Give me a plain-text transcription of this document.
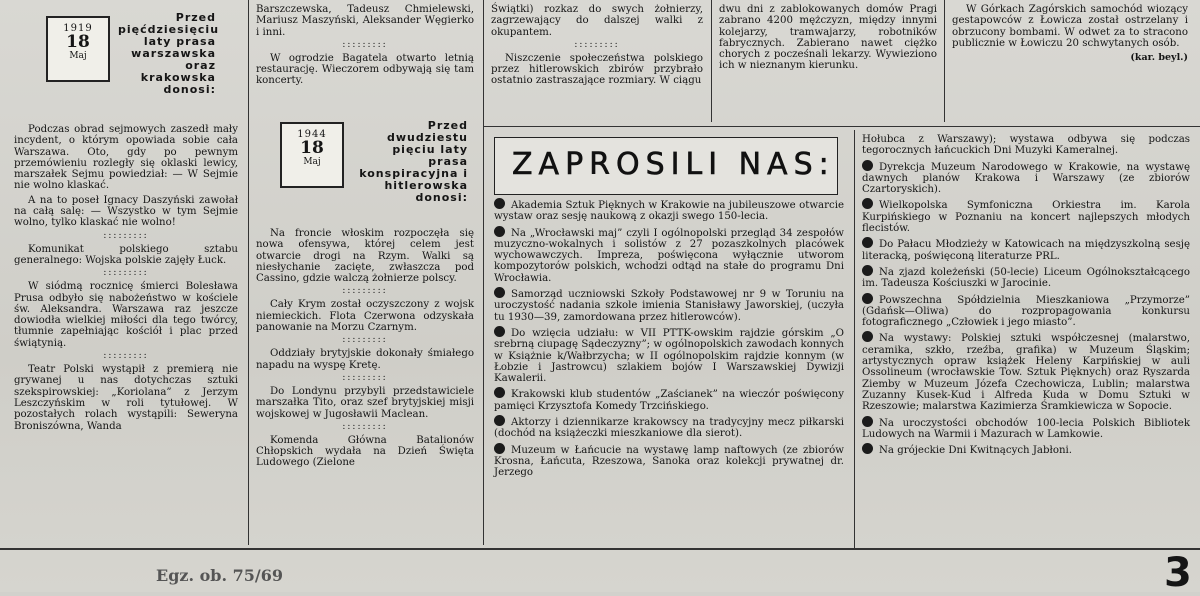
1919
18
Maj
Przed pięćdziesięciu laty prasa warszawska oraz krakowska donosi:

Podczas obrad sejmowych zaszedł mały incydent, o którym opowiada sobie cała Warszawa. Oto, gdy po pewnym przemówieniu rozległy się oklaski lewicy, marszałek Sejmu powiedział: — W Sejmie nie wolno klaskać.

A na to poseł Ignacy Daszyński zawołał na całą salę: — Wszystko w tym Sejmie wolno, tylko klaskać nie wolno!

:::::::::

Komunikat polskiego sztabu generalnego: Wojska polskie zajęły Łuck.

:::::::::

W siódmą rocznicę śmierci Bolesława Prusa odbyło się nabożeństwo w kościele św. Aleksandra. Warszawa raz jeszcze dowiodła wielkiej miłości dla tego twórcy, tłumnie zapełniając kościół i plac przed świątynią.

:::::::::

Teatr Polski wystąpił z premierą nie grywanej u nas dotychczas sztuki szekspirowskiej: „Koriolana” z Jerzym Leszczyńskim w roli tytułowej. W pozostałych rolach wystąpili: Seweryna Broniszówna, Wanda

Barszczewska, Tadeusz Chmielewski, Mariusz Maszyński, Aleksander Węgierko i inni.

:::::::::

W ogrodzie Bagatela otwarto letnią restaurację. Wieczorem odbywają się tam koncerty.

1944
18
Maj
Przed dwudziestu pięciu laty prasa konspiracyjna i hitlerowska donosi:

Na froncie włoskim rozpoczęła się nowa ofensywa, której celem jest otwarcie drogi na Rzym. Walki są niesłychanie zacięte, zwłaszcza pod Cassino, gdzie walczą żołnierze polscy.

:::::::::

Cały Krym został oczyszczony z wojsk niemieckich. Flota Czerwona odzyskała panowanie na Morzu Czarnym.

:::::::::

Oddziały brytyjskie dokonały śmiałego napadu na wyspę Kretę.

:::::::::

Do Londynu przybyli przedstawiciele marszałka Tito, oraz szef brytyjskiej misji wojskowej w Jugosławii Maclean.

:::::::::

Komenda Główna Batalionów Chłopskich wydała na Dzień Święta Ludowego (Zielone

Świątki) rozkaz do swych żołnierzy, zagrzewający do dalszej walki z okupantem.

:::::::::

Niszczenie społeczeństwa polskiego przez hitlerowskich zbirów przybrało ostatnio zastraszające rozmiary. W ciągu

dwu dni z zablokowanych domów Pragi zabrano 4200 mężczyzn, między innymi kolejarzy, tramwajarzy, robotników fabrycznych. Zabierano nawet ciężko chorych z pocześnali lekarzy. Wywieziono ich w nieznanym kierunku.

W Górkach Zagórskich samochód wiozący gestapowców z Łowicza został ostrzelany i obrzucony bombami. W odwet za to stracono publicznie w Łowiczu 20 schwytanych osób.

(kar. beyl.)
ZAPROSILI NAS:

Akademia Sztuk Pięknych w Krakowie na jubileuszowe otwarcie wystaw oraz sesję naukową z okazji swego 150-lecia.

Na „Wrocławski maj” czyli I ogólnopolski przegląd 34 zespołów muzyczno-wokalnych i solistów z 27 pozaszkolnych placówek wychowawczych. Impreza, poświęcona wyłącznie utworom kompozytorów polskich, wchodzi odtąd na stałe do programu Dni Wrocławia.

Samorząd uczniowski Szkoły Podstawowej nr 9 w Toruniu na uroczystość nadania szkole imienia Stanisławy Jaworskiej, (uczyła tu 1930—39, zamordowana przez hitlerowców).

Do wzięcia udziału: w VII PTTK-owskim rajdzie górskim „O srebrną ciupagę Sądeczyzny”; w ogólnopolskich zawodach konnych w Książnie k/Wałbrzycha; w II ogólnopolskim rajdzie konnym (w Łobzie i Jastrowcu) szlakiem bojów I Warszawskiej Dywizji Kawalerii.

Krakowski klub studentów „Zaścianek” na wieczór poświęcony pamięci Krzysztofa Komedy Trzcińskiego.

Aktorzy i dziennikarze krakowscy na tradycyjny mecz piłkarski (dochód na książeczki mieszkaniowe dla sierot).

Muzeum w Łańcucie na wystawę lamp naftowych (ze zbiorów Krosna, Łańcuta, Rzeszowa, Sanoka oraz kolekcji prywatnej dr. Jerzego

Hołubca z Warszawy); wystawa odbywa się podczas tegorocznych łańcuckich Dni Muzyki Kameralnej.

Dyrekcja Muzeum Narodowego w Krakowie, na wystawę dawnych planów Krakowa i Warszawy (ze zbiorów Czartoryskich).

Wielkopolska Symfoniczna Orkiestra im. Karola Kurpińskiego w Poznaniu na koncert najlepszych młodych flecistów.

Do Pałacu Młodzieży w Katowicach na międzyszkolną sesję literacką, poświęconą literaturze PRL.

Na zjazd koleżeński (50-lecie) Liceum Ogólnokształcącego im. Tadeusza Kościuszki w Jarocinie.

Powszechna Spółdzielnia Mieszkaniowa „Przymorze” (Gdańsk—Oliwa) do rozpropagowania konkursu fotograficznego „Człowiek i jego miasto”.

Na wystawy: Polskiej sztuki współczesnej (malarstwo, ceramika, szkło, rzeźba, grafika) w Muzeum Śląskim; artystycznych opraw książek Heleny Karpińskiej w auli Ossolineum (wrocławskie Tow. Sztuk Pięknych) oraz Ryszarda Ziemby w Muzeum Józefa Czechowicza, Lublin; malarstwa Zuzanny Kusek-Kud i Alfreda Kuda w Domu Sztuki w Rzeszowie; malarstwa Kazimierza Śramkiewicza w Sopocie.

Na uroczystości obchodów 100-lecia Polskich Bibliotek Ludowych na Warmii i Mazurach w Lamkowie.

Na grójeckie Dni Kwitnących Jabłoni.

Egz. ob. 75/69	3
